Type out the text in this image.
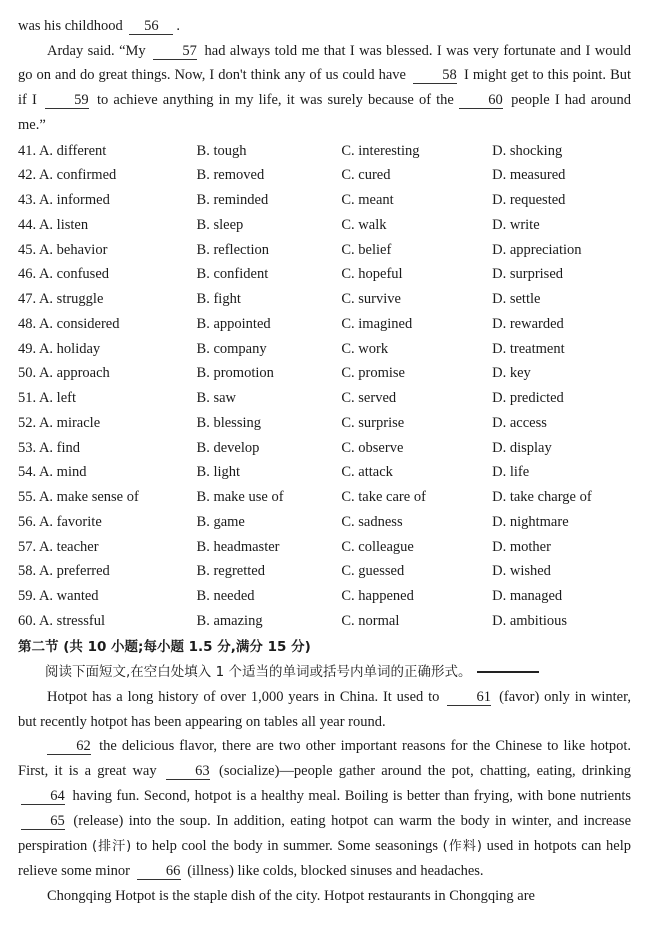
was his childhood 56 .
Arday said. “My	57 had always told me that I was blessed. I was very fortunate and I would go on and do great things. Now, I don't think any of us could have	58 I might get to this point. But if I	59 to achieve anything in my life, it was surely because of the 60 people I had around me.”
41. A. different	B. tough	C. interesting	D. shocking
42. A. confirmed	B. removed	C. cured	D. measured
43. A. informed	B. reminded	C. meant	D. requested
44. A. listen	B. sleep	C. walk	D. write
45. A. behavior	B. reflection	C. belief	D. appreciation
46. A. confused	B. confident	C. hopeful	D. surprised
47. A. struggle	B. fight	C. survive	D. settle
48. A. considered	B. appointed	C. imagined	D. rewarded
49. A. holiday	B. company	C. work	D. treatment
50. A. approach	B. promotion	C. promise	D. key
51. A. left	B. saw	C. served	D. predicted
52. A. miracle	B. blessing	C. surprise	D. access
53. A. find	B. develop	C. observe	D. display
54. A. mind	B. light	C. attack	D. life
55. A. make sense of	B. make use of	C. take care of	D. take charge of
56. A. favorite	B. game	C. sadness	D. nightmare
57. A. teacher	B. headmaster	C. colleague	D. mother
58. A. preferred	B. regretted	C. guessed	D. wished
59. A. wanted	B. needed	C. happened	D. managed
60. A. stressful	B. amazing	C. normal	D. ambitious
第二节 (共 10 小题;每小题 1.5 分,满分 15 分)
阅读下面短文,在空白处填入 1 个适当的单词或括号内单词的正确形式。
Hotpot has a long history of over 1,000 years in China. It used to	61 (favor) only in winter, but recently hotpot has been appearing on tables all year round.
62 the delicious flavor, there are two other important reasons for the Chinese to like hotpot. First, it is a great way	63 (socialize)—people gather around the pot, chatting, eating, drinking 64 having fun. Second, hotpot is a healthy meal. Boiling is better than frying, with bone nutrients 65 (release) into the soup. In addition, eating hotpot can warm the body in winter, and increase perspiration (排汗) to help cool the body in summer. Some seasonings (作料) used in hotpots can help relieve some minor 66 (illness) like colds, blocked sinuses and headaches.
Chongqing Hotpot is the staple dish of the city. Hotpot restaurants in Chongqing are
